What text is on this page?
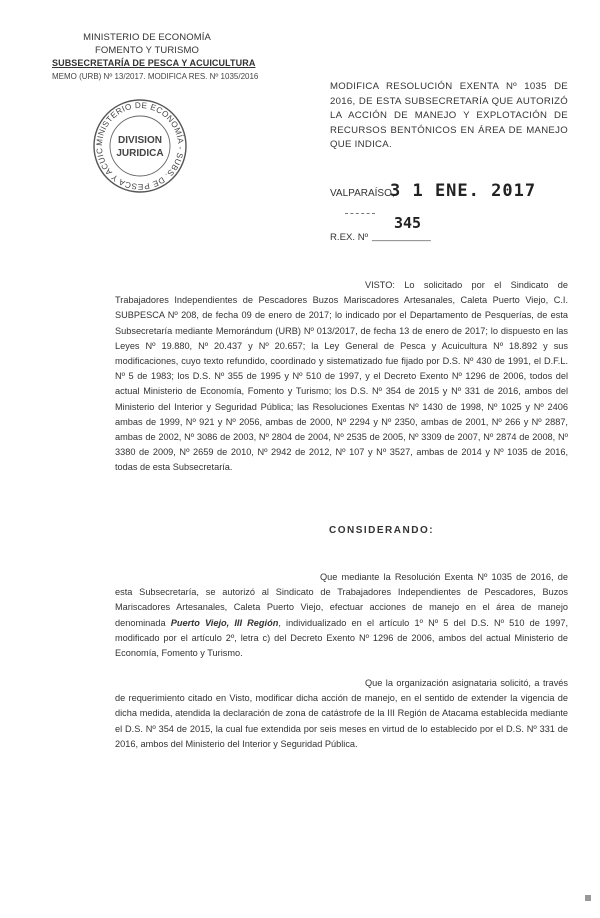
MINISTERIO DE ECONOMÍA
FOMENTO Y TURISMO
SUBSECRETARÍA DE PESCA Y ACUICULTURA
MEMO (URB) Nº 13/2017. MODIFICA RES. Nº 1035/2016
MINISTERIO DE ECONOMÍA - SUBS. DE PESCA Y ACUIC
DIVISION
JURIDICA
MODIFICA RESOLUCIÓN EXENTA Nº 1035 DE 2016, DE ESTA SUBSECRETARÍA QUE AUTORIZÓ LA ACCIÓN DE MANEJO Y EXPLOTACIÓN DE RECURSOS BENTÓNICOS EN ÁREA DE MANEJO QUE INDICA.
VALPARAÍSO,
3 1 ENE. 2017
345
R.EX. Nº ___________
VISTO: Lo solicitado por el Sindicato de Trabajadores Independientes de Pescadores Buzos Mariscadores Artesanales, Caleta Puerto Viejo, C.I. SUBPESCA Nº 208, de fecha 09 de enero de 2017; lo indicado por el Departamento de Pesquerías, de esta Subsecretaría mediante Memorándum (URB) Nº 013/2017, de fecha 13 de enero de 2017; lo dispuesto en las Leyes Nº 19.880, Nº 20.437 y Nº 20.657; la Ley General de Pesca y Acuicultura Nº 18.892 y sus modificaciones, cuyo texto refundido, coordinado y sistematizado fue fijado por D.S. Nº 430 de 1991, el D.F.L. Nº 5 de 1983; los D.S. Nº 355 de 1995 y Nº 510 de 1997, y el Decreto Exento Nº 1296 de 2006, todos del actual Ministerio de Economía, Fomento y Turismo; los D.S. Nº 354 de 2015 y Nº 331 de 2016, ambos del Ministerio del Interior y Seguridad Pública; las Resoluciones Exentas Nº 1430 de 1998, Nº 1025 y Nº 2406 ambas de 1999, Nº 921 y Nº 2056, ambas de 2000, Nº 2294 y Nº 2350, ambas de 2001, Nº 266 y Nº 2887, ambas de 2002, Nº 3086 de 2003, Nº 2804 de 2004, Nº 2535 de 2005, Nº 3309 de 2007, Nº 2874 de 2008, Nº 3380 de 2009, Nº 2659 de 2010, Nº 2942 de 2012, Nº 107 y Nº 3527, ambas de 2014 y Nº 1035 de 2016, todas de esta Subsecretaría.
CONSIDERANDO:
Que mediante la Resolución Exenta Nº 1035 de 2016, de esta Subsecretaría, se autorizó al Sindicato de Trabajadores Independientes de Pescadores, Buzos Mariscadores Artesanales, Caleta Puerto Viejo, efectuar acciones de manejo en el área de manejo denominada Puerto Viejo, III Región, individualizado en el artículo 1º Nº 5 del D.S. Nº 510 de 1997, modificado por el artículo 2º, letra c) del Decreto Exento Nº 1296 de 2006, ambos del actual Ministerio de Economía, Fomento y Turismo.
Que la organización asignataria solicitó, a través de requerimiento citado en Visto, modificar dicha acción de manejo, en el sentido de extender la vigencia de dicha medida, atendida la declaración de zona de catástrofe de la III Región de Atacama establecida mediante el D.S. Nº 354 de 2015, la cual fue extendida por seis meses en virtud de lo establecido por el D.S. Nº 331 de 2016, ambos del Ministerio del Interior y Seguridad Pública.
